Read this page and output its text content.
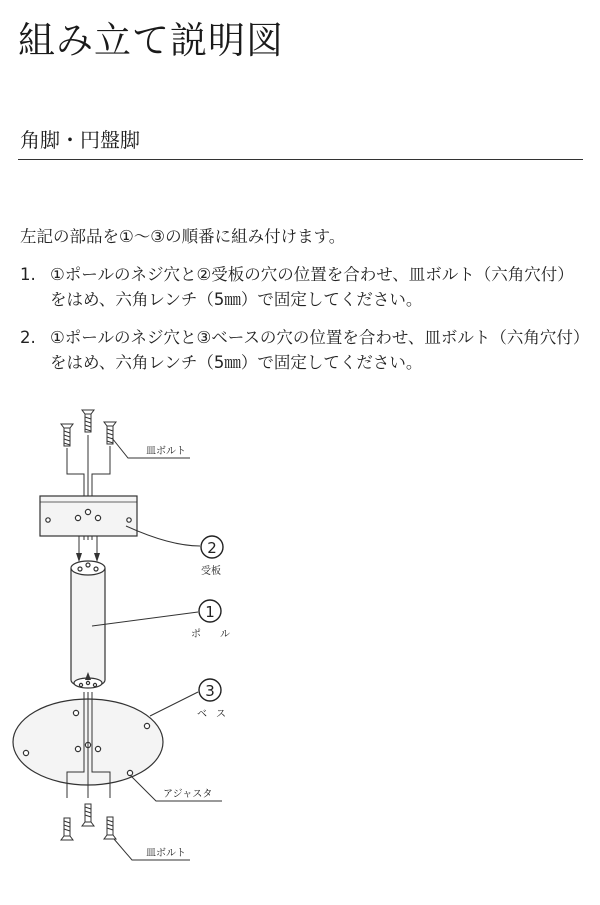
組み立て説明図
角脚・円盤脚
左記の部品を①〜③の順番に組み付けます。
1. ①ポールのネジ穴と②受板の穴の位置を合わせ、皿ボルト（六角穴付）をはめ、六角レンチ（5㎜）で固定してください。
2. ①ポールのネジ穴と③ベースの穴の位置を合わせ、皿ボルト（六角穴付）をはめ、六角レンチ（5㎜）で固定してください。
皿ボルト
2
受板
1
ポ ル
3
ベ ス
アジャスタ
皿ボルト
